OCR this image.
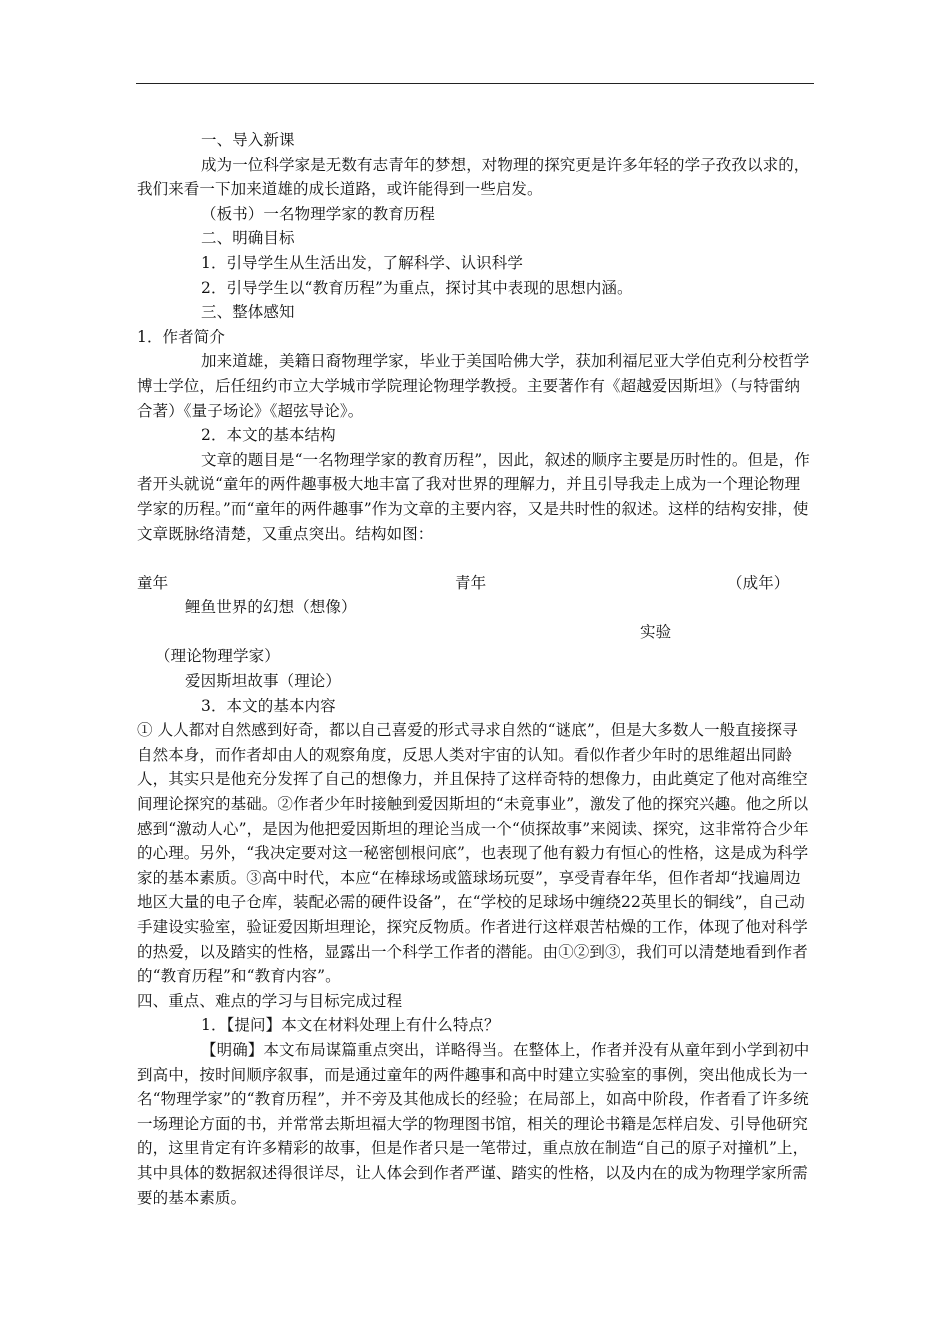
一、导入新课

成为一位科学家是无数有志青年的梦想，对物理的探究更是许多年轻的学子孜孜以求的，我们来看一下加来道雄的成长道路，或许能得到一些启发。

（板书）一名物理学家的教育历程

二、明确目标

1．引导学生从生活出发，了解科学、认识科学

2．引导学生以“教育历程”为重点，探讨其中表现的思想内涵。

三、整体感知

1．作者简介

加来道雄，美籍日裔物理学家，毕业于美国哈佛大学，获加利福尼亚大学伯克利分校哲学博士学位，后任纽约市立大学城市学院理论物理学教授。主要著作有《超越爱因斯坦》（与特雷纳合著）《量子场论》《超弦导论》。

2．本文的基本结构

文章的题目是“一名物理学家的教育历程”，因此，叙述的顺序主要是历时性的。但是，作者开头就说“童年的两件趣事极大地丰富了我对世界的理解力，并且引导我走上成为一个理论物理学家的历程。”而“童年的两件趣事”作为文章的主要内容，又是共时性的叙述。这样的结构安排，使文章既脉络清楚，又重点突出。结构如图：

童年	青年	（成年）

鲤鱼世界的幻想（想像）

实验

（理论物理学家）

爱因斯坦故事（理论）

3．本文的基本内容

① 人人都对自然感到好奇，都以自己喜爱的形式寻求自然的“谜底”，但是大多数人一般直接探寻自然本身，而作者却由人的观察角度，反思人类对宇宙的认知。看似作者少年时的思维超出同龄人，其实只是他充分发挥了自己的想像力，并且保持了这样奇特的想像力，由此奠定了他对高维空间理论探究的基础。②作者少年时接触到爱因斯坦的“未竟事业”，激发了他的探究兴趣。他之所以感到“激动人心”，是因为他把爱因斯坦的理论当成一个“侦探故事”来阅读、探究，这非常符合少年的心理。另外，“我决定要对这一秘密刨根问底”，也表现了他有毅力有恒心的性格，这是成为科学家的基本素质。③高中时代，本应“在棒球场或篮球场玩耍”，享受青春年华，但作者却“找遍周边地区大量的电子仓库，装配必需的硬件设备”，在“学校的足球场中缠绕22英里长的铜线”，自己动手建设实验室，验证爱因斯坦理论，探究反物质。作者进行这样艰苦枯燥的工作，体现了他对科学的热爱，以及踏实的性格，显露出一个科学工作者的潜能。由①②到③，我们可以清楚地看到作者的“教育历程”和“教育内容”。

四、重点、难点的学习与目标完成过程

1．【提问】本文在材料处理上有什么特点？

【明确】本文布局谋篇重点突出，详略得当。在整体上，作者并没有从童年到小学到初中到高中，按时间顺序叙事，而是通过童年的两件趣事和高中时建立实验室的事例，突出他成长为一名“物理学家”的“教育历程”，并不旁及其他成长的经验；在局部上，如高中阶段，作者看了许多统一场理论方面的书，并常常去斯坦福大学的物理图书馆，相关的理论书籍是怎样启发、引导他研究的，这里肯定有许多精彩的故事，但是作者只是一笔带过，重点放在制造“自己的原子对撞机”上，其中具体的数据叙述得很详尽，让人体会到作者严谨、踏实的性格，以及内在的成为物理学家所需要的基本素质。
